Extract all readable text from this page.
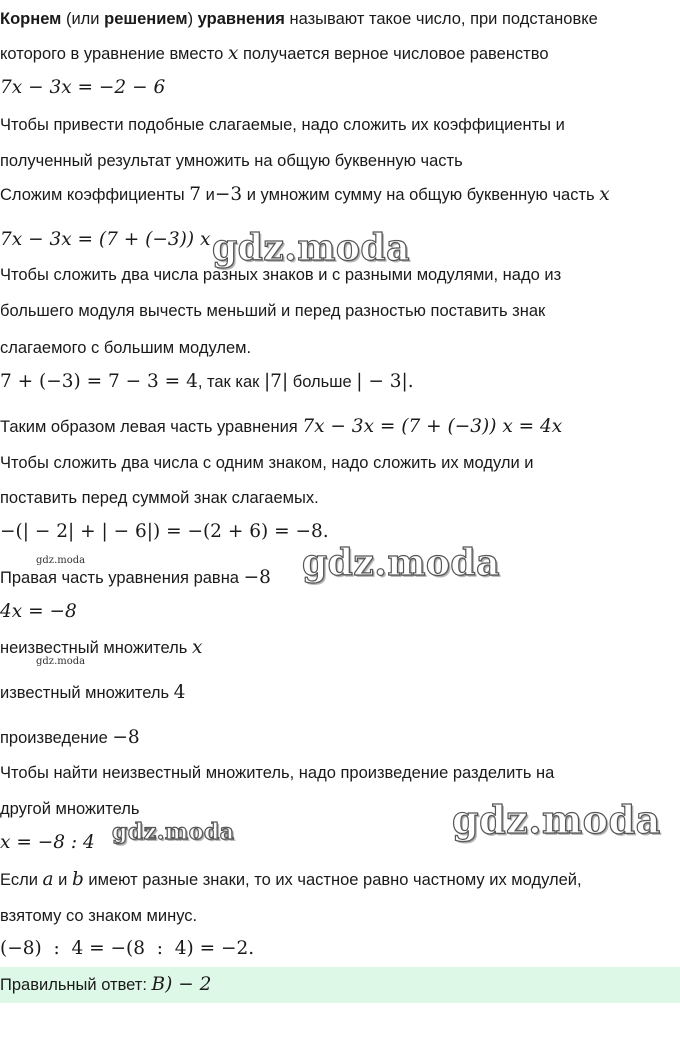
Корнем (или решением) уравнения называют такое число, при подстановке
которого в уравнение вместо x получается верное числовое равенство
7x − 3x = −2 − 6
Чтобы привести подобные слагаемые, надо сложить их коэффициенты и
полученный результат умножить на общую буквенную часть
Сложим коэффициенты 7 и−3 и умножим сумму на общую буквенную часть x
7x − 3x = (7 + (−3)) x
Чтобы сложить два числа разных знаков и с разными модулями, надо из
большего модуля вычесть меньший и перед разностью поставить знак
слагаемого с большим модулем.
7 + (−3) = 7 − 3 = 4, так как |7| больше | − 3|.
Таким образом левая часть уравнения 7x − 3x = (7 + (−3)) x = 4x
Чтобы сложить два числа с одним знаком, надо сложить их модули и
поставить перед суммой знак слагаемых.
−(| − 2| + | − 6|) = −(2 + 6) = −8.
Правая часть уравнения равна −8
4x = −8
неизвестный множитель x
известный множитель 4
произведение −8
Чтобы найти неизвестный множитель, надо произведение разделить на
другой множитель
x = −8 : 4
Если a и b имеют разные знаки, то их частное равно частному их модулей,
взятому со знаком минус.
(−8)  :  4 = −(8  :  4) = −2.
Правильный ответ: B) − 2
gdz.moda
gdz.moda
gdz.moda
gdz.moda
gdz.moda
gdz.moda
